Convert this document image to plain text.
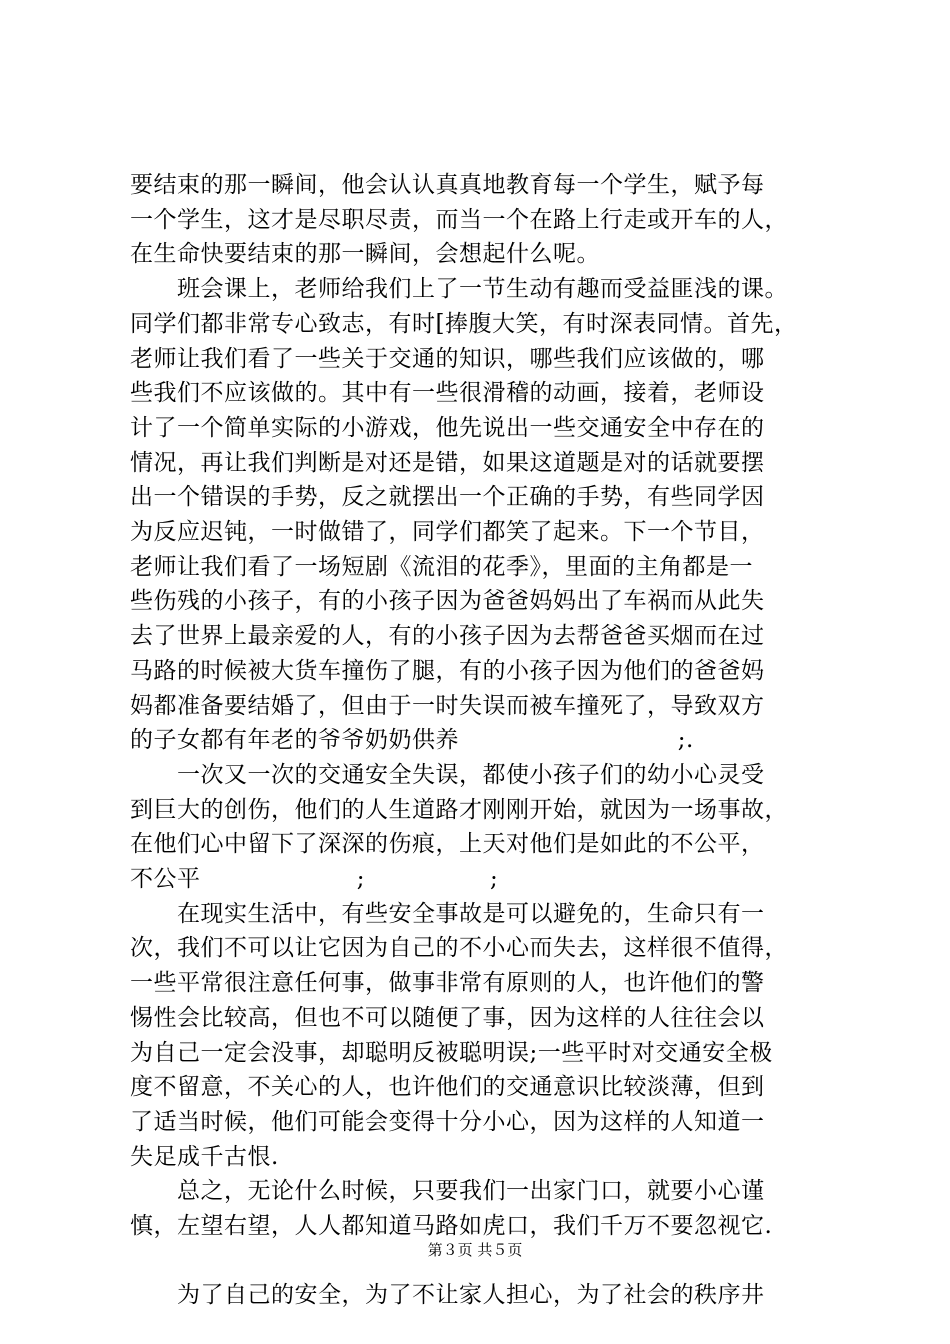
要结束的那一瞬间，他会认认真真地教育每一个学生，赋予每
一个学生，这才是尽职尽责，而当一个在路上行走或开车的人，
在生命快要结束的那一瞬间，会想起什么呢。
　　班会课上，老师给我们上了一节生动有趣而受益匪浅的课。
同学们都非常专心致志，有时[捧腹大笑，有时深表同情。首先，
老师让我们看了一些关于交通的知识，哪些我们应该做的，哪
些我们不应该做的。其中有一些很滑稽的动画，接着，老师设
计了一个简单实际的小游戏，他先说出一些交通安全中存在的
情况，再让我们判断是对还是错，如果这道题是对的话就要摆
出一个错误的手势，反之就摆出一个正确的手势，有些同学因
为反应迟钝，一时做错了，同学们都笑了起来。下一个节目，
老师让我们看了一场短剧《流泪的花季》，里面的主角都是一
些伤残的小孩子，有的小孩子因为爸爸妈妈出了车祸而从此失
去了世界上最亲爱的人，有的小孩子因为去帮爸爸买烟而在过
马路的时候被大货车撞伤了腿，有的小孩子因为他们的爸爸妈
妈都准备要结婚了，但由于一时失误而被车撞死了，导致双方
的子女都有年老的爷爷奶奶供养                            ;.
　　一次又一次的交通安全失误，都使小孩子们的幼小心灵受
到巨大的创伤，他们的人生道路才刚刚开始，就因为一场事故，
在他们心中留下了深深的伤痕，上天对他们是如此的不公平，
不公平                    ;                ;
　　在现实生活中，有些安全事故是可以避免的，生命只有一
次，我们不可以让它因为自己的不小心而失去，这样很不值得，
一些平常很注意任何事，做事非常有原则的人，也许他们的警
惕性会比较高，但也不可以随便了事，因为这样的人往往会以
为自己一定会没事，却聪明反被聪明误;一些平时对交通安全极
度不留意，不关心的人，也许他们的交通意识比较淡薄，但到
了适当时候，他们可能会变得十分小心，因为这样的人知道一
失足成千古恨.
　　总之，无论什么时候，只要我们一出家门口，就要小心谨
慎，左望右望，人人都知道马路如虎口，我们千万不要忽视它.
　　为了自己的安全，为了不让家人担心，为了社会的秩序井
第３页 共５页
